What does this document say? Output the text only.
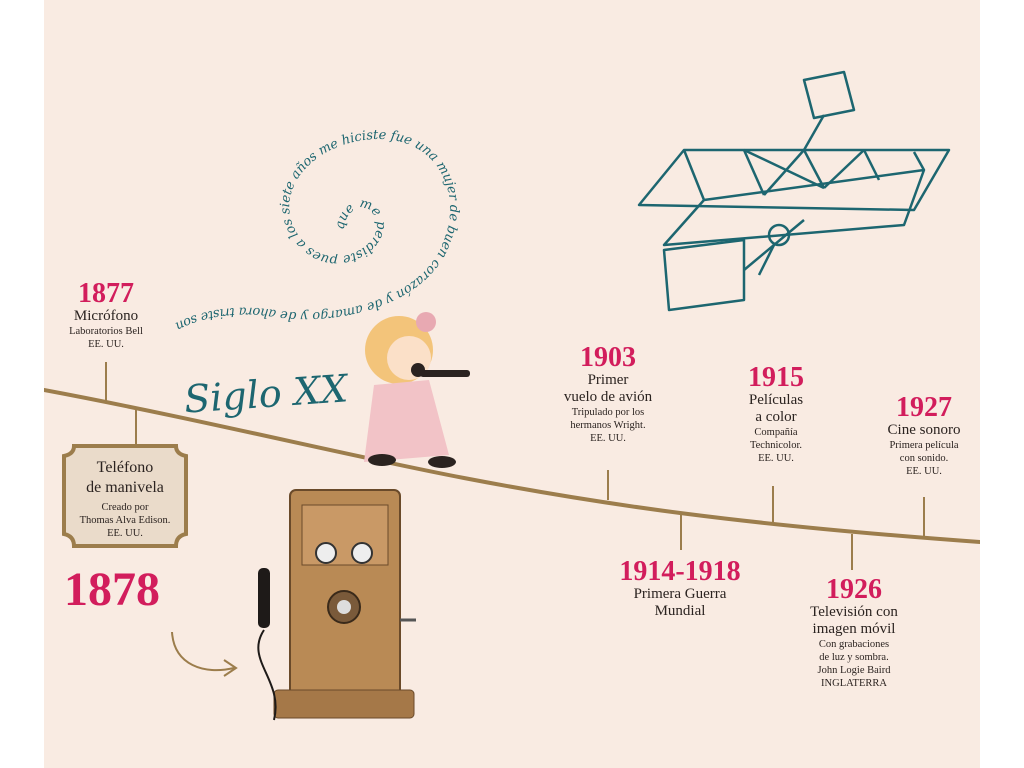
que me perdiste pues a los siete años me hiciste fue una mujer de buen corazón y de amargo y de ahora triste son
Siglo XX
1877
Micrófono
Laboratorios Bell
EE. UU.
Teléfono
de manivela
Creado por
Thomas Alva Edison.
EE. UU.
1878
1903
Primer
vuelo de avión
Tripulado por los
hermanos Wright.
EE. UU.
1914-1918
Primera Guerra
Mundial
1915
Películas
a color
Compañía
Technicolor.
EE. UU.
1926
Televisión con
imagen móvil
Con grabaciones
de luz y sombra.
John Logie Baird
INGLATERRA
1927
Cine sonoro
Primera película
con sonido.
EE. UU.
